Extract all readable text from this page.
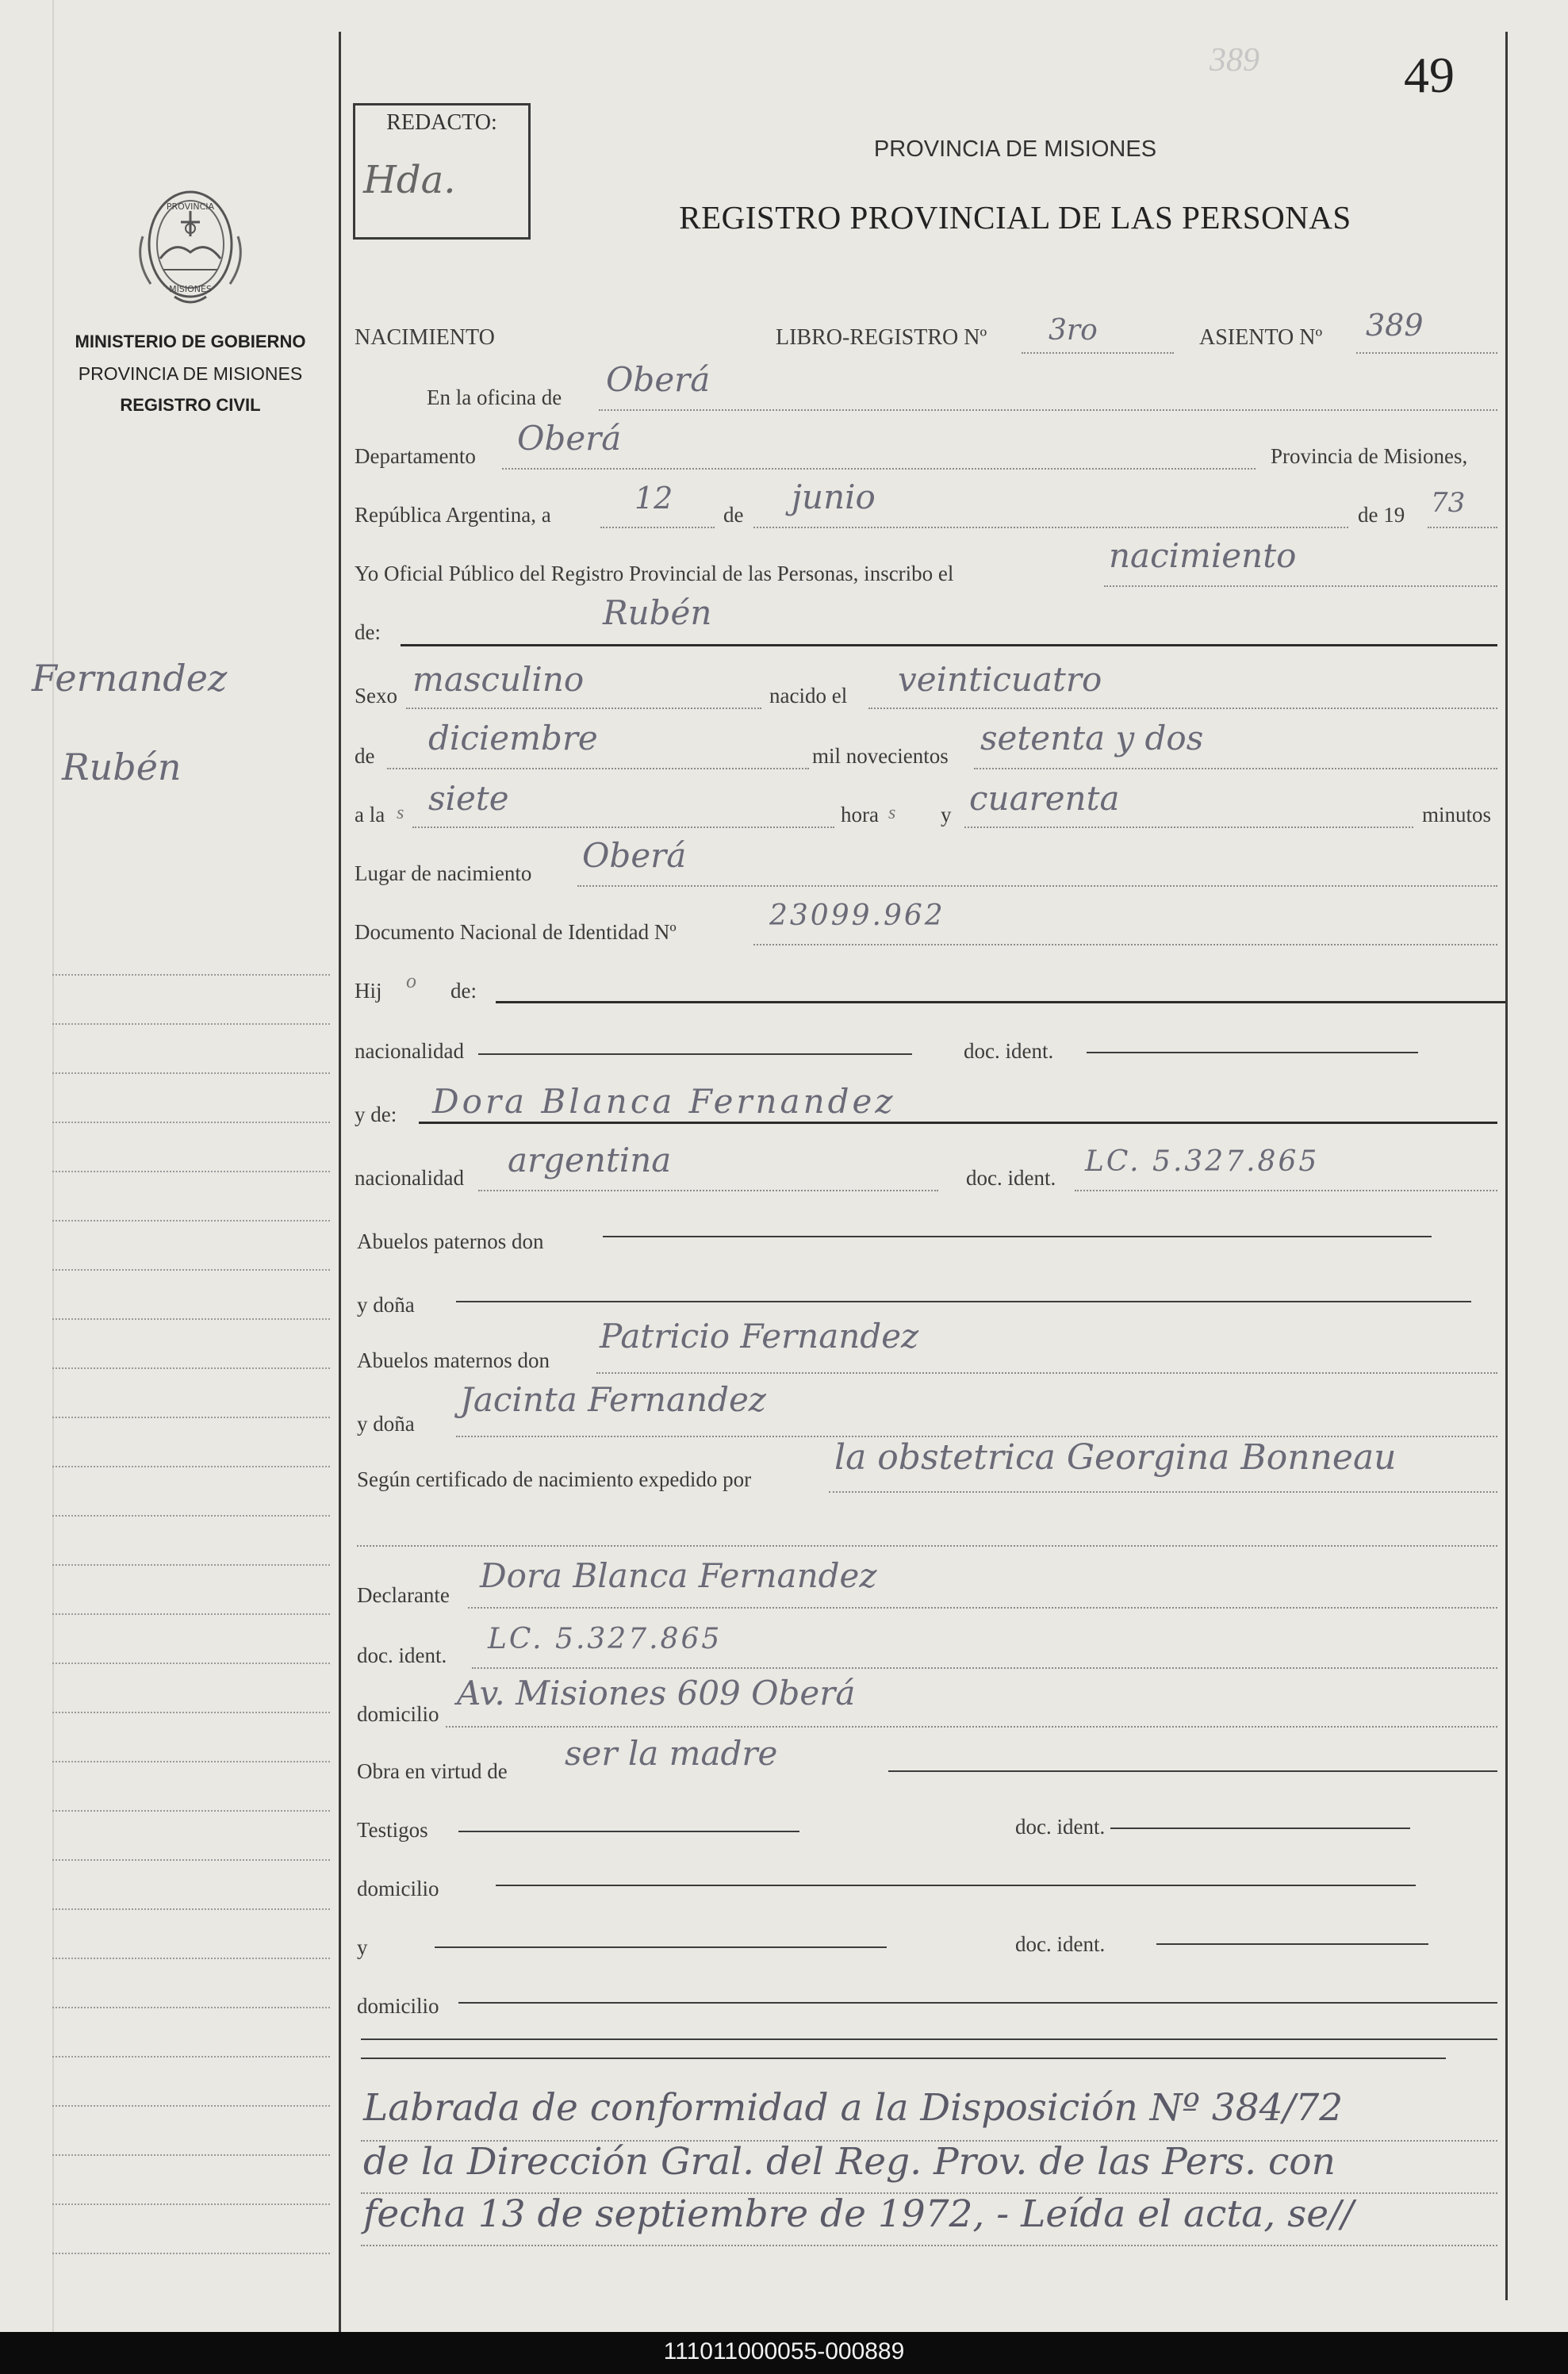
49
389
REDACTO:
Hda.
PROVINCIA DE MISIONES
REGISTRO PROVINCIAL DE LAS PERSONAS
PROVINCIA
MISIONES
MINISTERIO DE GOBIERNO
PROVINCIA DE MISIONES
REGISTRO CIVIL
Fernandez
Rubén
NACIMIENTO	LIBRO-REGISTRO Nº 3ro	ASIENTO Nº 389
En la oficina de Oberá
Departamento Oberá	Provincia de Misiones,
República Argentina, a	12 de junio	de 19 73
Yo Oficial Público del Registro Provincial de las Personas, inscribo el	nacimiento
de:	Rubén
Sexo masculino	nacido el veinticuatro
de diciembre	mil novecientos setenta y dos
a la s siete	hora s y cuarenta	minutos
Lugar de nacimiento Oberá
Documento Nacional de Identidad Nº	23099.962
Hij o de:
nacionalidad	doc. ident.
y de: Dora Blanca Fernandez
nacionalidad argentina	doc. ident. LC. 5.327.865
Abuelos paternos don
y doña
Abuelos maternos don
Patricio Fernandez
y doña
Jacinta Fernandez
Según certificado de nacimiento expedido por
la obstetrica Georgina Bonneau
Declarante Dora Blanca Fernandez
doc. ident. LC. 5.327.865
domicilio
Av. Misiones 609 Oberá
Obra en virtud de ser la madre
Testigos	doc. ident.
domicilio
y	doc. ident.
domicilio
Labrada de conformidad a la Disposición Nº 384/72
de la Dirección Gral. del Reg. Prov. de las Pers. con
fecha 13 de septiembre de 1972, - Leída el acta, se//
111011000055-000889
